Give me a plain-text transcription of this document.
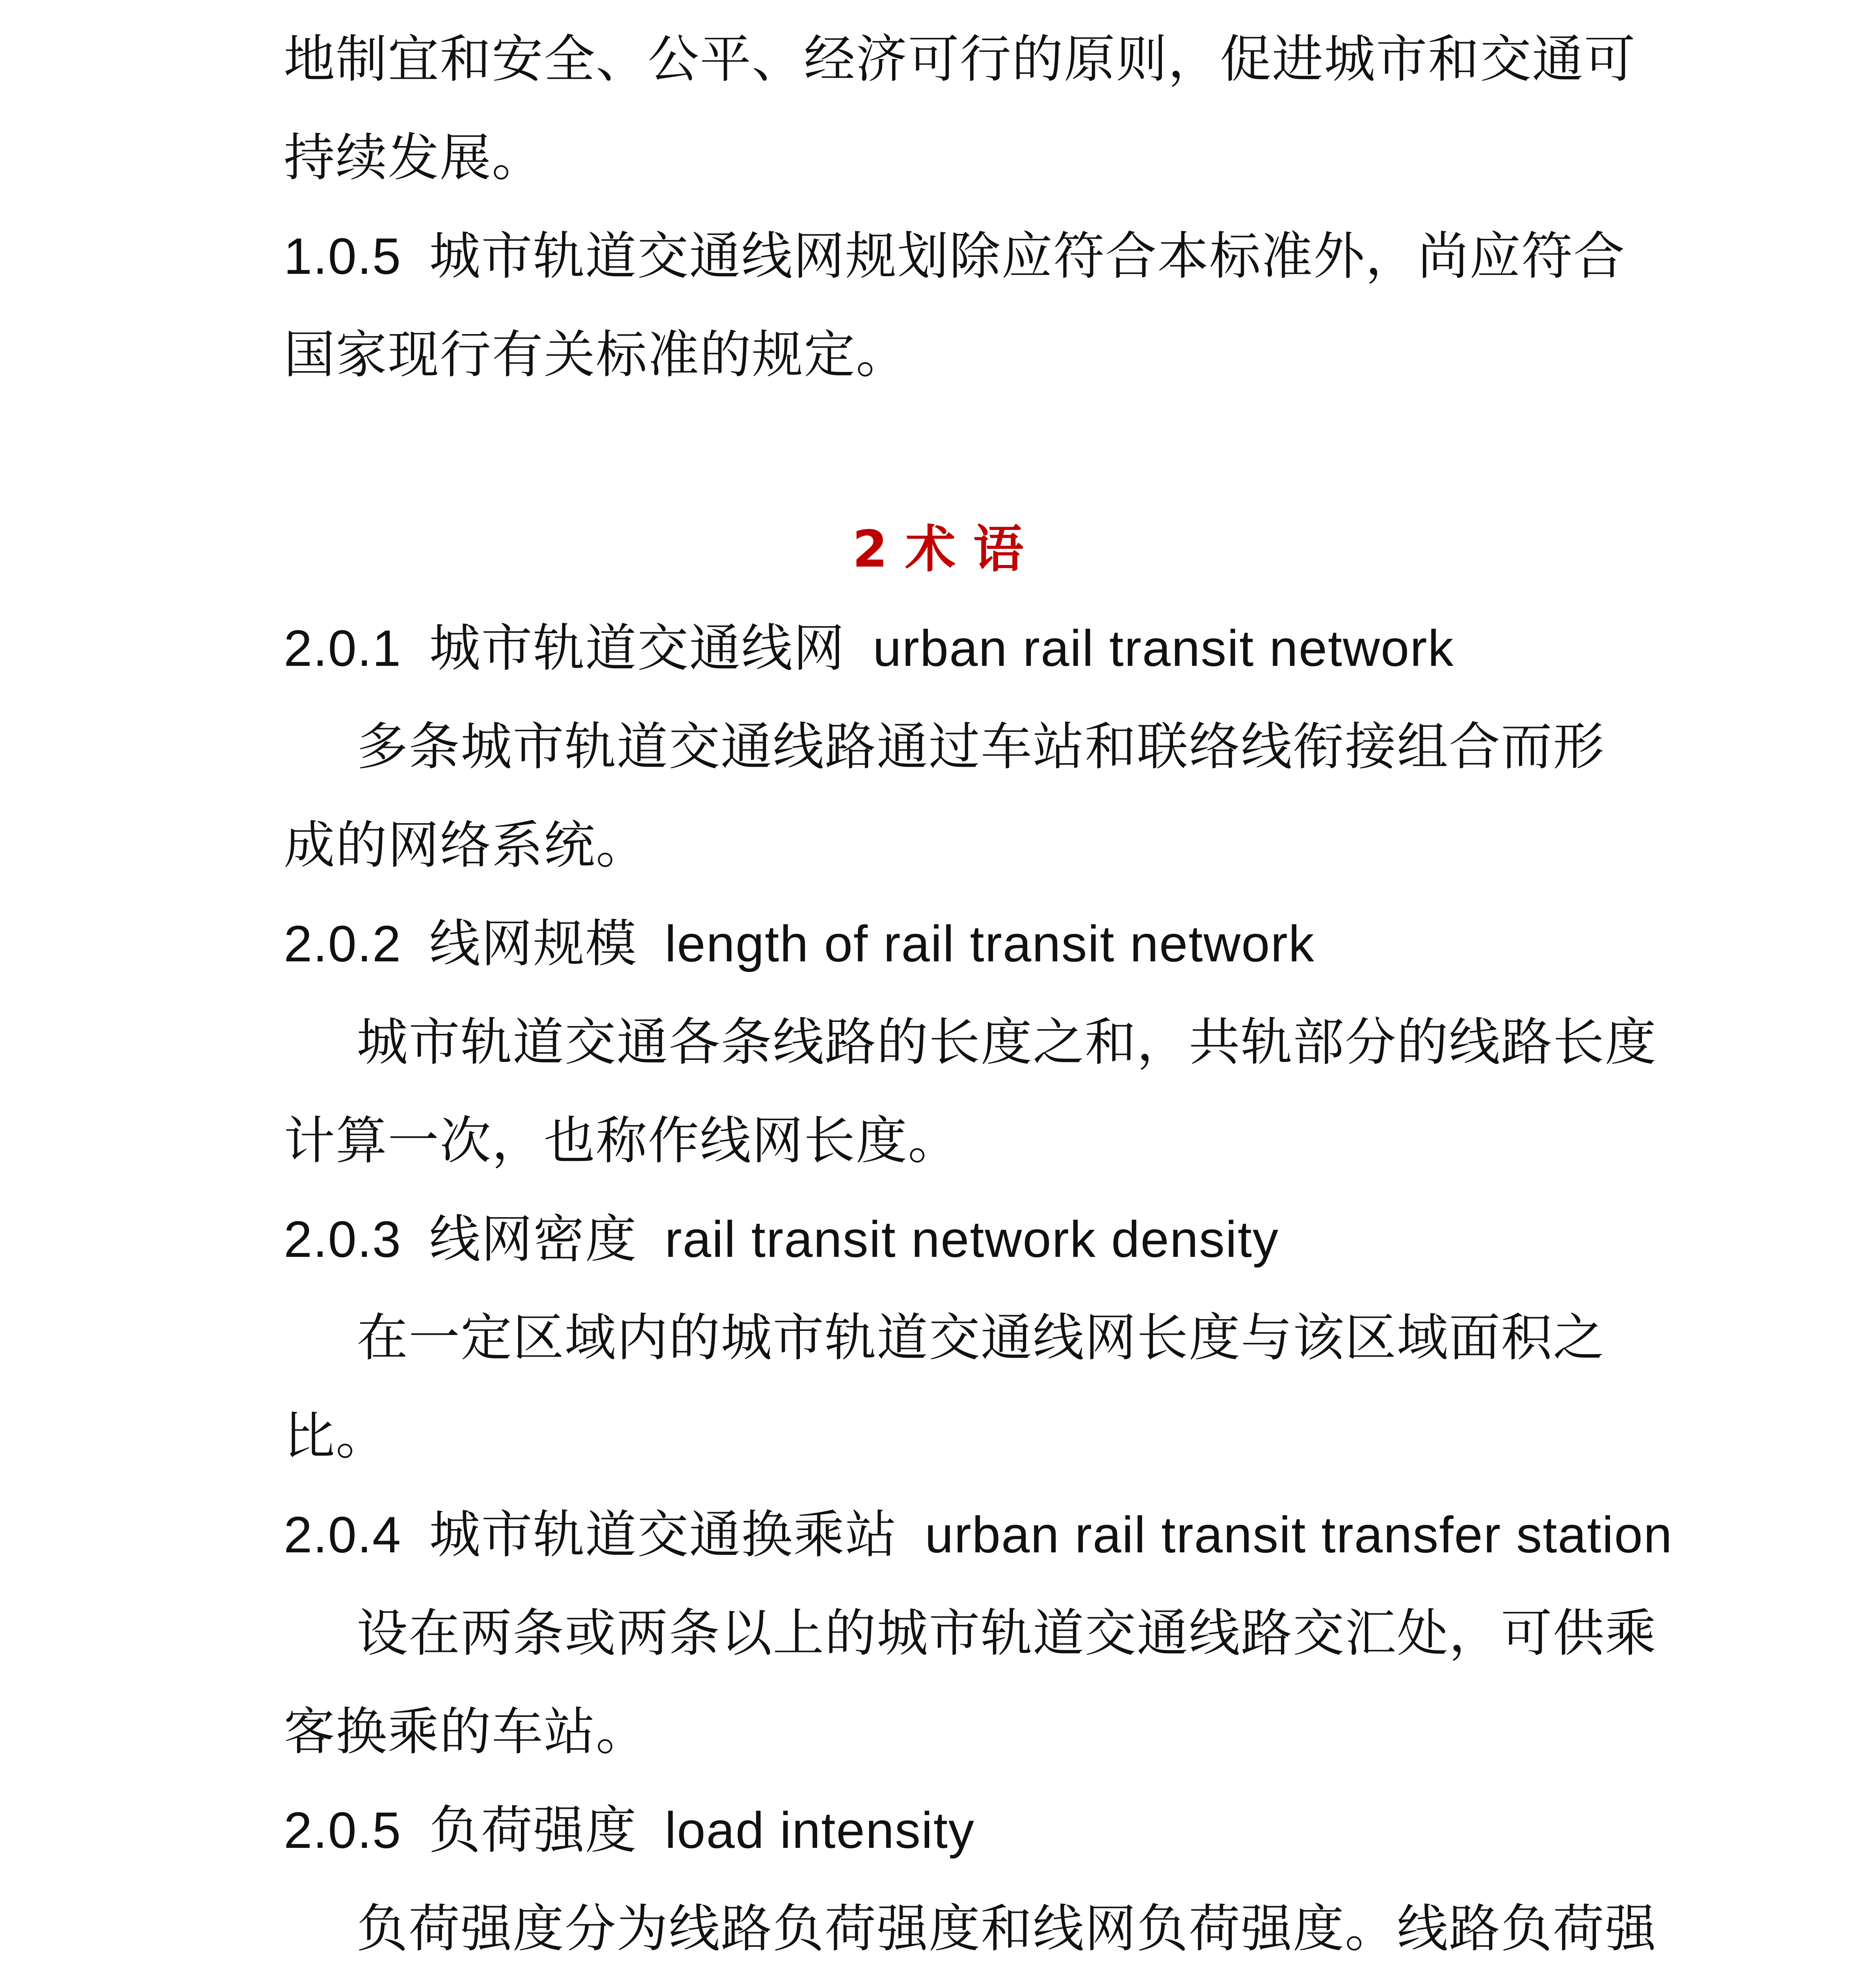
地制宜和安全、公平、经济可行的原则，促进城市和交通可
持续发展。
1.0.5 城市轨道交通线网规划除应符合本标准外，尚应符合
国家现行有关标准的规定。
2 术 语
2.0.1 城市轨道交通线网 urban rail transit network
多条城市轨道交通线路通过车站和联络线衔接组合而形
成的网络系统。
2.0.2 线网规模 length of rail transit network
城市轨道交通各条线路的长度之和，共轨部分的线路长度
计算一次，也称作线网长度。
2.0.3 线网密度 rail transit network density
在一定区域内的城市轨道交通线网长度与该区域面积之
比。
2.0.4 城市轨道交通换乘站 urban rail transit transfer station
设在两条或两条以上的城市轨道交通线路交汇处，可供乘
客换乘的车站。
2.0.5 负荷强度 load intensity
负荷强度分为线路负荷强度和线网负荷强度。线路负荷强
